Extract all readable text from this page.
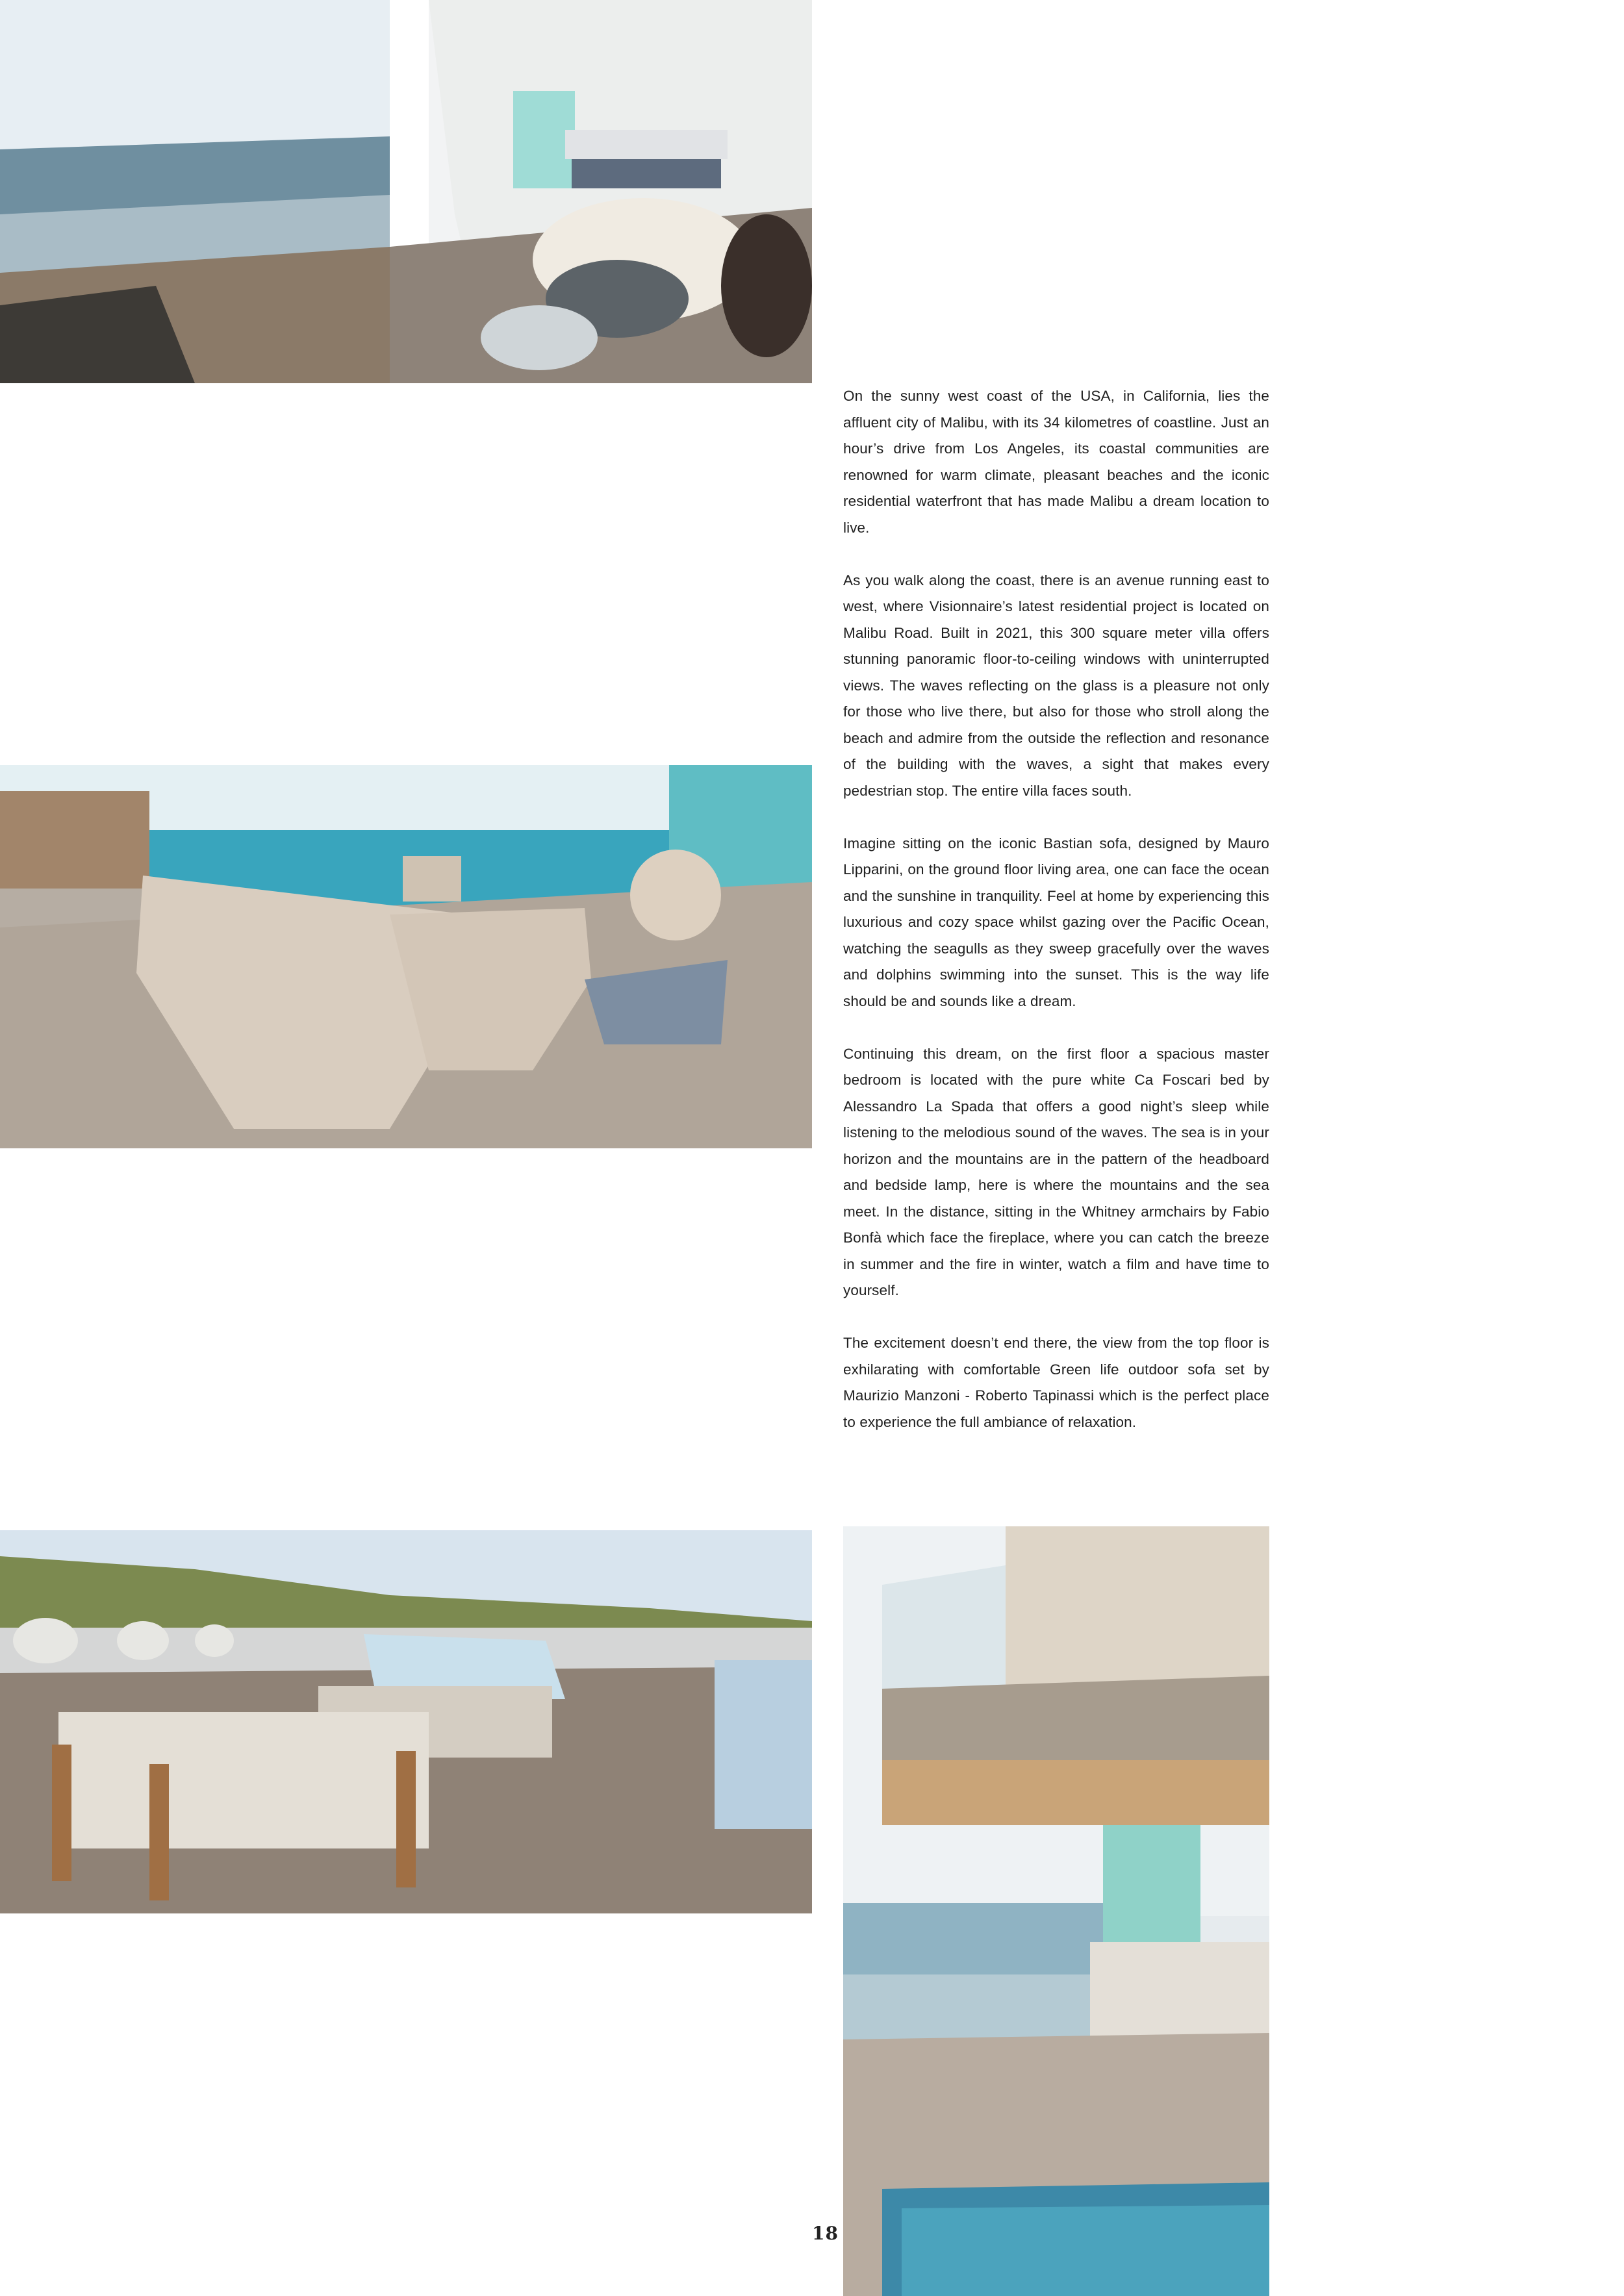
On the sunny west coast of the USA, in California, lies the affluent city of Malibu, with its 34 kilometres of coastline. Just an hour’s drive from Los Angeles, its coastal communities are renowned for warm climate, pleasant beaches and the iconic residential waterfront that has made Malibu a dream location to live.

As you walk along the coast, there is an avenue running east to west, where Visionnaire’s latest residential project is located on Malibu Road. Built in 2021, this 300 square meter villa offers stunning panoramic floor-to-ceiling windows with uninterrupted views. The waves reflecting on the glass is a pleasure not only for those who live there, but also for those who stroll along the beach and admire from the outside the reflection and resonance of the building with the waves, a sight that makes every pedestrian stop. The entire villa faces south.

Imagine sitting on the iconic Bastian sofa, designed by Mauro Lipparini, on the ground floor living area, one can face the ocean and the sunshine in tranquility. Feel at home by experiencing this luxurious and cozy space whilst gazing over the Pacific Ocean, watching the seagulls as they sweep gracefully over the waves and dolphins swimming into the sunset. This is the way life should be and sounds like a dream.

Continuing this dream, on the first floor a spacious master bedroom is located with the pure white Ca Foscari bed by Alessandro La Spada that offers a good night’s sleep while listening to the melodious sound of the waves. The sea is in your horizon and the mountains are in the pattern of the headboard and bedside lamp, here is where the mountains and the sea meet. In the distance, sitting in the Whitney armchairs by Fabio Bonfà which face the fireplace, where you can catch the breeze in summer and the fire in winter, watch a film and have time to yourself.

The excitement doesn’t end there, the view from the top floor is exhilarating with comfortable Green life outdoor sofa set by Maurizio Manzoni - Roberto Tapinassi which is the perfect place to experience the full ambiance of relaxation.

18
